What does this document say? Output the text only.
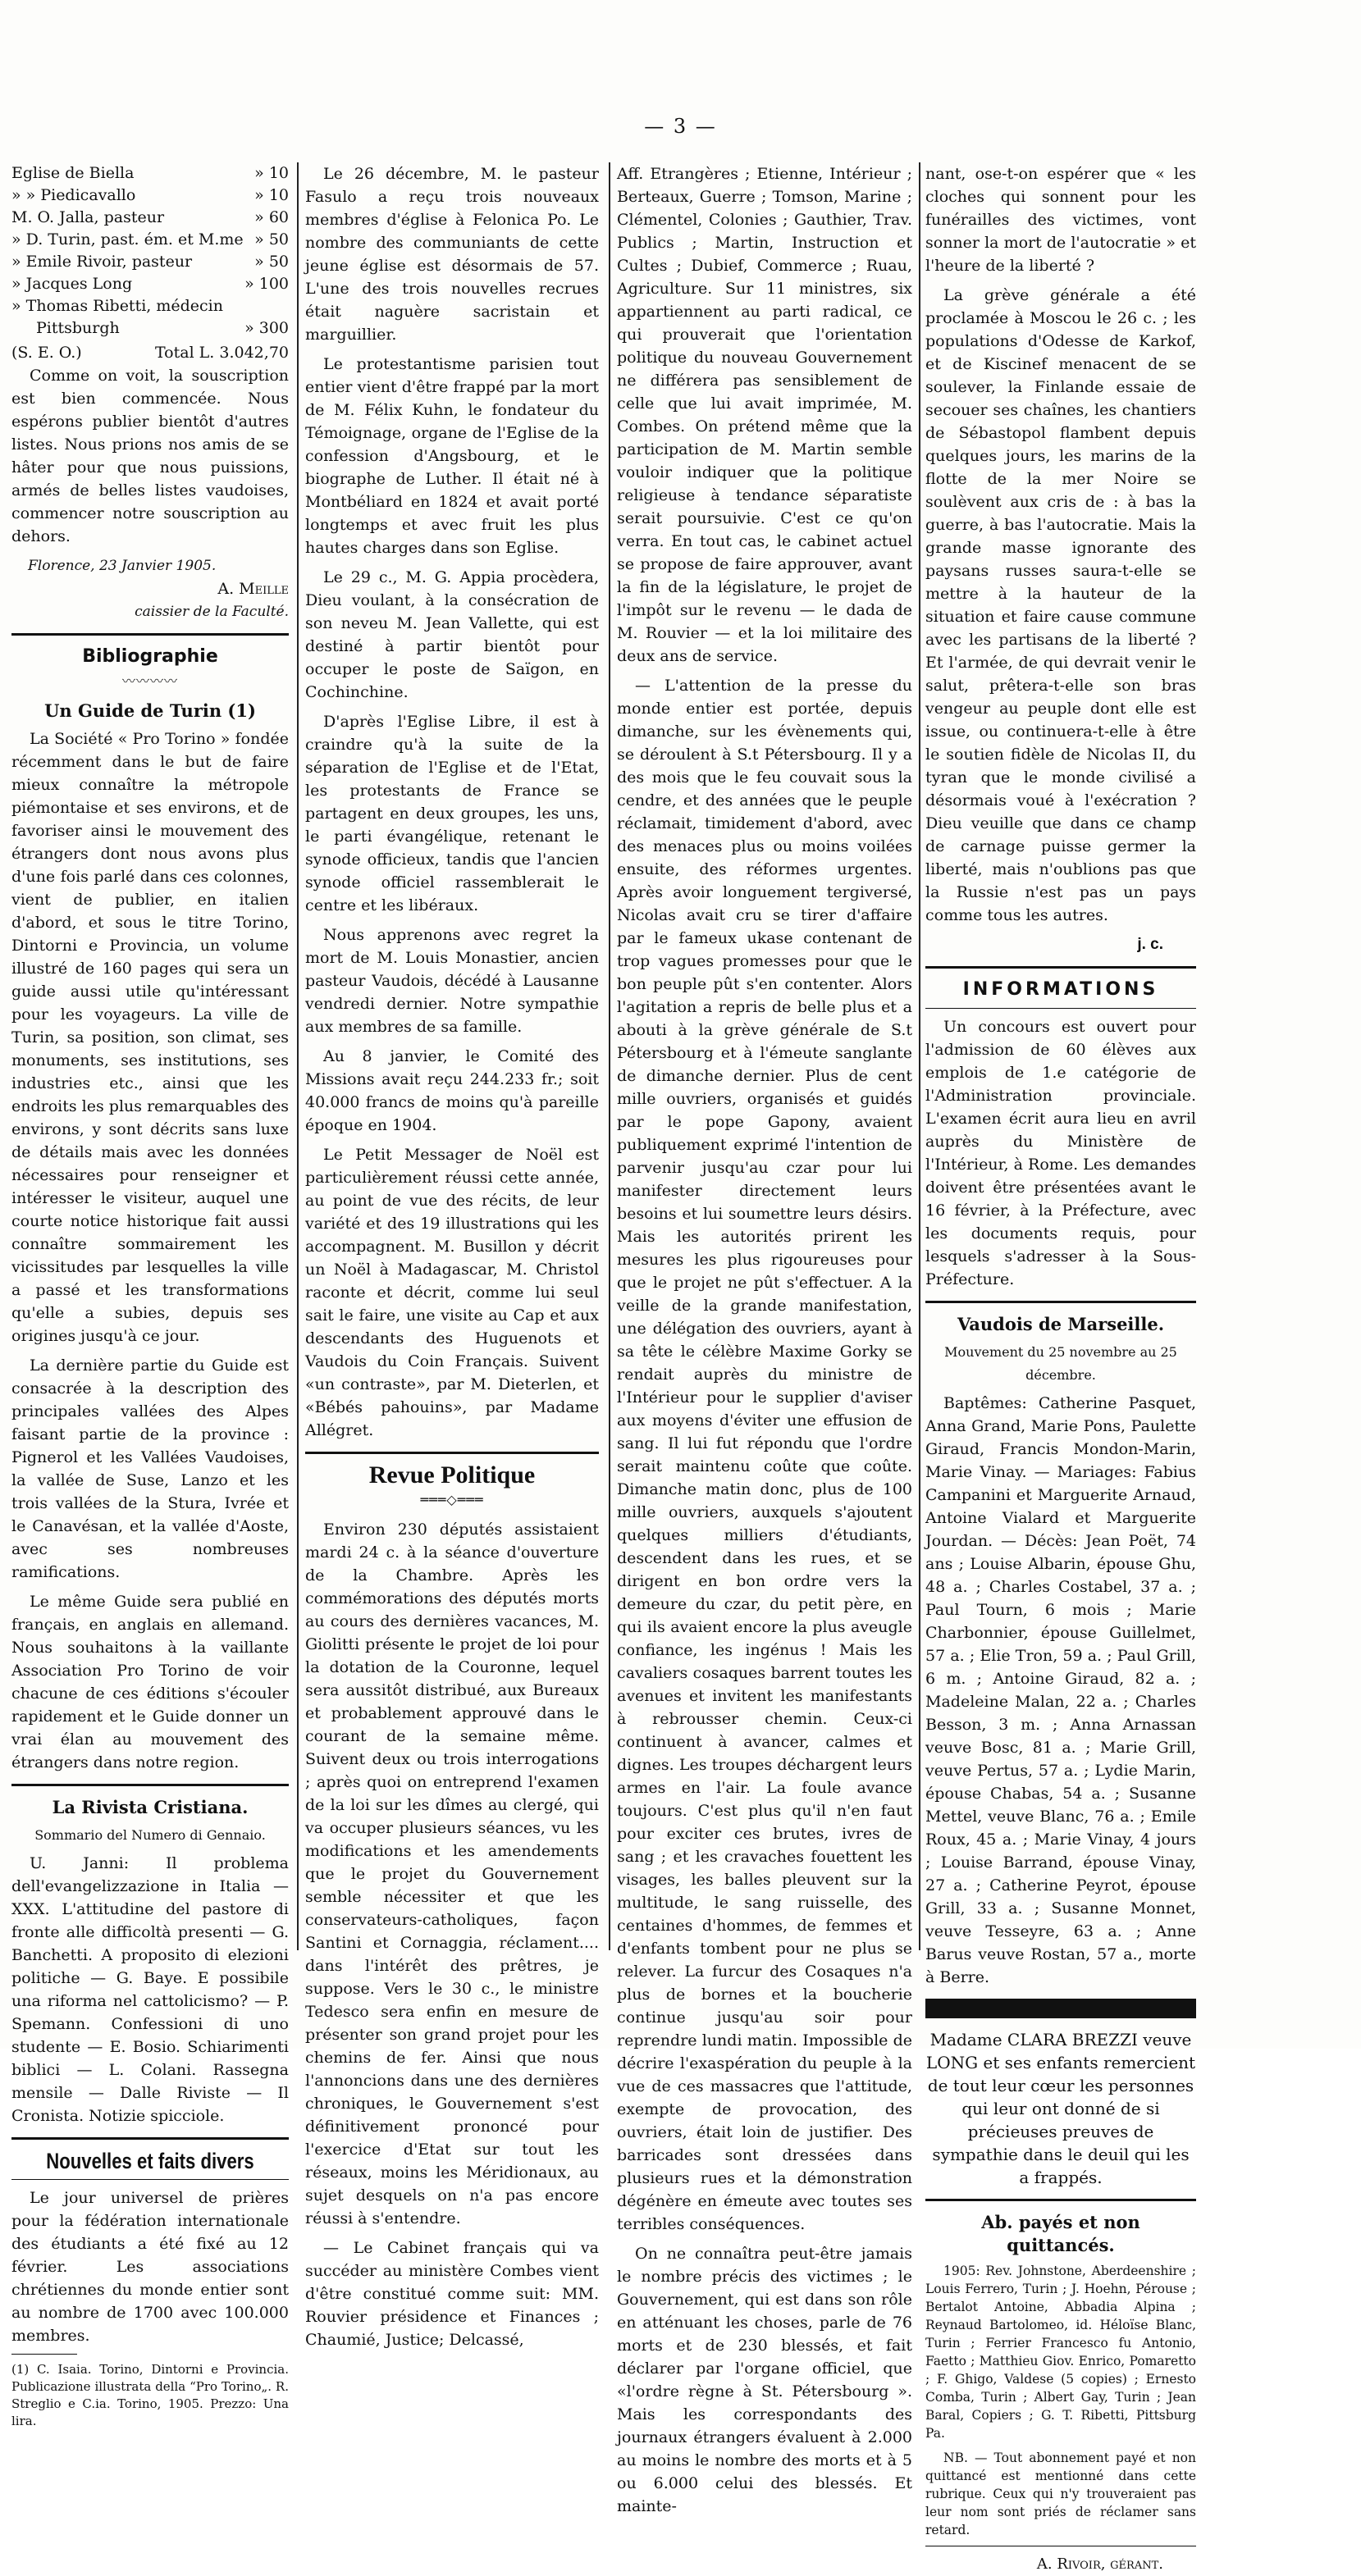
— 3 —
Eglise de Biella	» 10
» » Piedicavallo	» 10
M. O. Jalla, pasteur	» 60
» D. Turin, past. ém. et M.me » 50
» Emile Rivoir, pasteur	» 50
» Jacques Long	» 100
» Thomas Ribetti, médecin
Pittsburgh	» 300
(S. E. O.)	Total L. 3.042,70

Comme on voit, la souscription est bien commencée. Nous espérons publier bientôt d'autres listes. Nous prions nos amis de se hâter pour que nous puissions, armés de belles listes vaudoises, commencer notre souscription au dehors.

Florence, 23 Janvier 1905.
A. Meille
caissier de la Faculté.
Bibliographie
〰〰〰〰
Un Guide de Turin (1)

La Société « Pro Torino » fondée récemment dans le but de faire mieux connaître la métropole piémontaise et ses environs, et de favoriser ainsi le mouvement des étrangers dont nous avons plus d'une fois parlé dans ces colonnes, vient de publier, en italien d'abord, et sous le titre Torino, Dintorni e Provincia, un volume illustré de 160 pages qui sera un guide aussi utile qu'intéressant pour les voyageurs. La ville de Turin, sa position, son climat, ses monuments, ses institutions, ses industries etc., ainsi que les endroits les plus remarquables des environs, y sont décrits sans luxe de détails mais avec les données nécessaires pour renseigner et intéresser le visiteur, auquel une courte notice historique fait aussi connaître sommairement les vicissitudes par lesquelles la ville a passé et les transformations qu'elle a subies, depuis ses origines jusqu'à ce jour.

La dernière partie du Guide est consacrée à la description des principales vallées des Alpes faisant partie de la province : Pignerol et les Vallées Vaudoises, la vallée de Suse, Lanzo et les trois vallées de la Stura, Ivrée et le Canavésan, et la vallée d'Aoste, avec ses nombreuses ramifications.

Le même Guide sera publié en français, en anglais en allemand. Nous souhaitons à la vaillante Association Pro Torino de voir chacune de ces éditions s'écouler rapidement et le Guide donner un vrai élan au mouvement des étrangers dans notre region.

La Rivista Cristiana.
Sommario del Numero di Gennaio.

U. Janni: Il problema dell'evangelizzazione in Italia — XXX. L'attitudine del pastore di fronte alle difficoltà presenti — G. Banchetti. A proposito di elezioni politiche — G. Baye. E possibile una riforma nel cattolicismo? — P. Spemann. Confessioni di uno studente — E. Bosio. Schiarimenti biblici — L. Colani. Rassegna mensile — Dalle Riviste — Il Cronista. Notizie spicciole.

Nouvelles et faits divers

Le jour universel de prières pour la fédération internationale des étudiants a été fixé au 12 février. Les associations chrétiennes du monde entier sont au nombre de 1700 avec 100.000 membres.

(1) C. Isaia. Torino, Dintorni e Provincia. Publicazione illustrata della “Pro Torino„. R. Streglio e C.ia. Torino, 1905. Prezzo: Una lira.

Le 26 décembre, M. le pasteur Fasulo a reçu trois nouveaux membres d'église à Felonica Po. Le nombre des communiants de cette jeune église est désormais de 57. L'une des trois nouvelles recrues était naguère sacristain et marguillier.

Le protestantisme parisien tout entier vient d'être frappé par la mort de M. Félix Kuhn, le fondateur du Témoignage, organe de l'Eglise de la confession d'Angsbourg, et le biographe de Luther. Il était né à Montbéliard en 1824 et avait porté longtemps et avec fruit les plus hautes charges dans son Eglise.

Le 29 c., M. G. Appia procèdera, Dieu voulant, à la consécration de son neveu M. Jean Vallette, qui est destiné à partir bientôt pour occuper le poste de Saïgon, en Cochinchine.

D'après l'Eglise Libre, il est à craindre qu'à la suite de la séparation de l'Eglise et de l'Etat, les protestants de France se partagent en deux groupes, les uns, le parti évangélique, retenant le synode officieux, tandis que l'ancien synode officiel rassemblerait le centre et les libéraux.

Nous apprenons avec regret la mort de M. Louis Monastier, ancien pasteur Vaudois, décédé à Lausanne vendredi dernier. Notre sympathie aux membres de sa famille.

Au 8 janvier, le Comité des Missions avait reçu 244.233 fr.; soit 40.000 francs de moins qu'à pareille époque en 1904.

Le Petit Messager de Noël est particulièrement réussi cette année, au point de vue des récits, de leur variété et des 19 illustrations qui les accompagnent. M. Busillon y décrit un Noël à Madagascar, M. Christol raconte et décrit, comme lui seul sait le faire, une visite au Cap et aux descendants des Huguenots et Vaudois du Coin Français. Suivent «un contraste», par M. Dieterlen, et «Bébés pahouins», par Madame Allégret.

Revue Politique
═══◇═══

Environ 230 députés assistaient mardi 24 c. à la séance d'ouverture de la Chambre. Après les commémorations des députés morts au cours des dernières vacances, M. Giolitti présente le projet de loi pour la dotation de la Couronne, lequel sera aussitôt distribué, aux Bureaux et probablement approuvé dans le courant de la semaine même. Suivent deux ou trois interrogations ; après quoi on entreprend l'examen de la loi sur les dîmes au clergé, qui va occuper plusieurs séances, vu les modifications et les amendements que le projet du Gouvernement semble nécessiter et que les conservateurs-catholiques, façon Santini et Cornaggia, réclament.... dans l'intérêt des prêtres, je suppose. Vers le 30 c., le ministre Tedesco sera enfin en mesure de présenter son grand projet pour les chemins de fer. Ainsi que nous l'annoncions dans une des dernières chroniques, le Gouvernement s'est définitivement prononcé pour l'exercice d'Etat sur tout les réseaux, moins les Méridionaux, au sujet desquels on n'a pas encore réussi à s'entendre.

— Le Cabinet français qui va succéder au ministère Combes vient d'être constitué comme suit: MM. Rouvier présidence et Finances ; Chaumié, Justice; Delcassé,

Aff. Etrangères ; Etienne, Intérieur ; Berteaux, Guerre ; Tomson, Marine ; Clémentel, Colonies ; Gauthier, Trav. Publics ; Martin, Instruction et Cultes ; Dubief, Commerce ; Ruau, Agriculture. Sur 11 ministres, six appartiennent au parti radical, ce qui prouverait que l'orientation politique du nouveau Gouvernement ne différera pas sensiblement de celle que lui avait imprimée, M. Combes. On prétend même que la participation de M. Martin semble vouloir indiquer que la politique religieuse à tendance séparatiste serait poursuivie. C'est ce qu'on verra. En tout cas, le cabinet actuel se propose de faire approuver, avant la fin de la législature, le projet de l'impôt sur le revenu — le dada de M. Rouvier — et la loi militaire des deux ans de service.

— L'attention de la presse du monde entier est portée, depuis dimanche, sur les évènements qui, se déroulent à S.t Pétersbourg. Il y a des mois que le feu couvait sous la cendre, et des années que le peuple réclamait, timidement d'abord, avec des menaces plus ou moins voilées ensuite, des réformes urgentes. Après avoir longuement tergiversé, Nicolas avait cru se tirer d'affaire par le fameux ukase contenant de trop vagues promesses pour que le bon peuple pût s'en contenter. Alors l'agitation a repris de belle plus et a abouti à la grève générale de S.t Pétersbourg et à l'émeute sanglante de dimanche dernier. Plus de cent mille ouvriers, organisés et guidés par le pope Gapony, avaient publiquement exprimé l'intention de parvenir jusqu'au czar pour lui manifester directement leurs besoins et lui soumettre leurs désirs. Mais les autorités prirent les mesures les plus rigoureuses pour que le projet ne pût s'effectuer. A la veille de la grande manifestation, une délégation des ouvriers, ayant à sa tête le célèbre Maxime Gorky se rendait auprès du ministre de l'Intérieur pour le supplier d'aviser aux moyens d'éviter une effusion de sang. Il lui fut répondu que l'ordre serait maintenu coûte que coûte. Dimanche matin donc, plus de 100 mille ouvriers, auxquels s'ajoutent quelques milliers d'étudiants, descendent dans les rues, et se dirigent en bon ordre vers la demeure du czar, du petit père, en qui ils avaient encore la plus aveugle confiance, les ingénus ! Mais les cavaliers cosaques barrent toutes les avenues et invitent les manifestants à rebrousser chemin. Ceux-ci continuent à avancer, calmes et dignes. Les troupes déchargent leurs armes en l'air. La foule avance toujours. C'est plus qu'il n'en faut pour exciter ces brutes, ivres de sang ; et les cravaches fouettent les visages, les balles pleuvent sur la multitude, le sang ruisselle, des centaines d'hommes, de femmes et d'enfants tombent pour ne plus se relever. La furcur des Cosaques n'a plus de bornes et la boucherie continue jusqu'au soir pour reprendre lundi matin. Impossible de décrire l'exaspération du peuple à la vue de ces massacres que l'attitude, exempte de provocation, des ouvriers, était loin de justifier. Des barricades sont dressées dans plusieurs rues et la démonstration dégénère en émeute avec toutes ses terribles conséquences.

On ne connaîtra peut-être jamais le nombre précis des victimes ; le Gouvernement, qui est dans son rôle en atténuant les choses, parle de 76 morts et de 230 blessés, et fait déclarer par l'organe officiel, que «l'ordre règne à St. Pétersbourg ». Mais les correspondants des journaux étrangers évaluent à 2.000 au moins le nombre des morts et à 5 ou 6.000 celui des blessés. Et mainte-

nant, ose-t-on espérer que « les cloches qui sonnent pour les funérailles des victimes, vont sonner la mort de l'autocratie » et l'heure de la liberté ?

La grève générale a été proclamée à Moscou le 26 c. ; les populations d'Odesse de Karkof, et de Kiscinef menacent de se soulever, la Finlande essaie de secouer ses chaînes, les chantiers de Sébastopol flambent depuis quelques jours, les marins de la flotte de la mer Noire se soulèvent aux cris de : à bas la guerre, à bas l'autocratie. Mais la grande masse ignorante des paysans russes saura-t-elle se mettre à la hauteur de la situation et faire cause commune avec les partisans de la liberté ? Et l'armée, de qui devrait venir le salut, prêtera-t-elle son bras vengeur au peuple dont elle est issue, ou continuera-t-elle à être le soutien fidèle de Nicolas II, du tyran que le monde civilisé a désormais voué à l'exécration ? Dieu veuille que dans ce champ de carnage puisse germer la liberté, mais n'oublions pas que la Russie n'est pas un pays comme tous les autres.

j. c.
INFORMATIONS

Un concours est ouvert pour l'admission de 60 élèves aux emplois de 1.e catégorie de l'Administration provinciale. L'examen écrit aura lieu en avril auprès du Ministère de l'Intérieur, à Rome. Les demandes doivent être présentées avant le 16 février, à la Préfecture, avec les documents requis, pour lesquels s'adresser à la Sous-Préfecture.

Vaudois de Marseille.
Mouvement du 25 novembre au 25 décembre.

Baptêmes: Catherine Pasquet, Anna Grand, Marie Pons, Paulette Giraud, Francis Mondon-Marin, Marie Vinay. — Mariages: Fabius Campanini et Marguerite Arnaud, Antoine Vialard et Marguerite Jourdan. — Décès: Jean Poët, 74 ans ; Louise Albarin, épouse Ghu, 48 a. ; Charles Costabel, 37 a. ; Paul Tourn, 6 mois ; Marie Charbonnier, épouse Guillelmet, 57 a. ; Elie Tron, 59 a. ; Paul Grill, 6 m. ; Antoine Giraud, 82 a. ; Madeleine Malan, 22 a. ; Charles Besson, 3 m. ; Anna Arnassan veuve Bosc, 81 a. ; Marie Grill, veuve Pertus, 57 a. ; Lydie Marin, épouse Chabas, 54 a. ; Susanne Mettel, veuve Blanc, 76 a. ; Emile Roux, 45 a. ; Marie Vinay, 4 jours ; Louise Barrand, épouse Vinay, 27 a. ; Catherine Peyrot, épouse Grill, 33 a. ; Susanne Monnet, veuve Tesseyre, 63 a. ; Anne Barus veuve Rostan, 57 a., morte à Berre.

Madame CLARA BREZZI veuve LONG et ses enfants remercient de tout leur cœur les personnes qui leur ont donné de si précieuses preuves de sympathie dans le deuil qui les a frappés.

Ab. payés et non quittancés.

1905: Rev. Johnstone, Aberdeenshire ; Louis Ferrero, Turin ; J. Hoehn, Pérouse ; Bertalot Antoine, Abbadia Alpina ; Reynaud Bartolomeo, id. Héloïse Blanc, Turin ; Ferrier Francesco fu Antonio, Faetto ; Matthieu Giov. Enrico, Pomaretto ; F. Ghigo, Valdese (5 copies) ; Ernesto Comba, Turin ; Albert Gay, Turin ; Jean Baral, Copiers ; G. T. Ribetti, Pittsburg Pa.

NB. — Tout abonnement payé et non quittancé est mentionné dans cette rubrique. Ceux qui n'y trouveraient pas leur nom sont priés de réclamer sans retard.

A. Rivoir, gérant.
